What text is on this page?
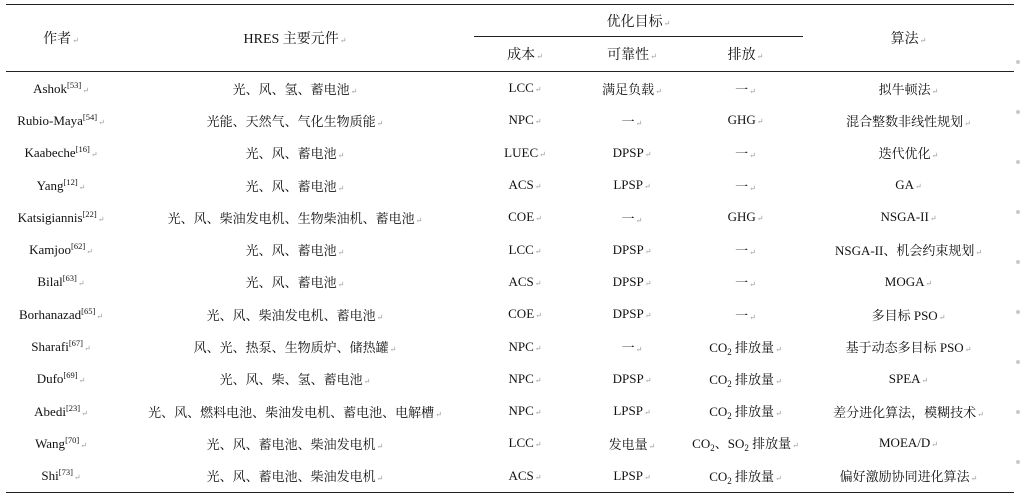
作者↵	HRES 主要元件↵	优化目标↵			算法↵
		成本↵	可靠性↵	排放↵	
Ashok[53]↵	光、风、氢、蓄电池↵	LCC↵	满足负载↵	一↵	拟牛顿法↵
Rubio-Maya[54]↵	光能、天然气、气化生物质能↵	NPC↵	一↵	GHG↵	混合整数非线性规划↵
Kaabeche[16]↵	光、风、蓄电池↵	LUEC↵	DPSP↵	一↵	迭代优化↵
Yang[12]↵	光、风、蓄电池↵	ACS↵	LPSP↵	一↵	GA↵
Katsigiannis[22]↵	光、风、柴油发电机、生物柴油机、蓄电池↵	COE↵	一↵	GHG↵	NSGA-II↵
Kamjoo[62]↵	光、风、蓄电池↵	LCC↵	DPSP↵	一↵	NSGA-II、机会约束规划↵
Bilal[63]↵	光、风、蓄电池↵	ACS↵	DPSP↵	一↵	MOGA↵
Borhanazad[65]↵	光、风、柴油发电机、蓄电池↵	COE↵	DPSP↵	一↵	多目标 PSO↵
Sharafi[67]↵	风、光、热泵、生物质炉、储热罐↵	NPC↵	一↵	$CO_2$ 排放量↵	基于动态多目标 PSO↵
Dufo[69]↵	光、风、柴、氢、蓄电池↵	NPC↵	DPSP↵	$CO_2$ 排放量↵	SPEA↵
Abedi[23]↵	光、风、燃料电池、柴油发电机、蓄电池、电解槽↵	NPC↵	LPSP↵	$CO_2$ 排放量↵	差分进化算法，模糊技术↵
Wang[70]↵	光、风、蓄电池、柴油发电机↵	LCC↵	发电量↵	$CO_2$、$SO_2$ 排放量↵	MOEA/D↵
Shi[73]↵	光、风、蓄电池、柴油发电机↵	ACS↵	LPSP↵	$CO_2$ 排放量↵	偏好激励协同进化算法↵
